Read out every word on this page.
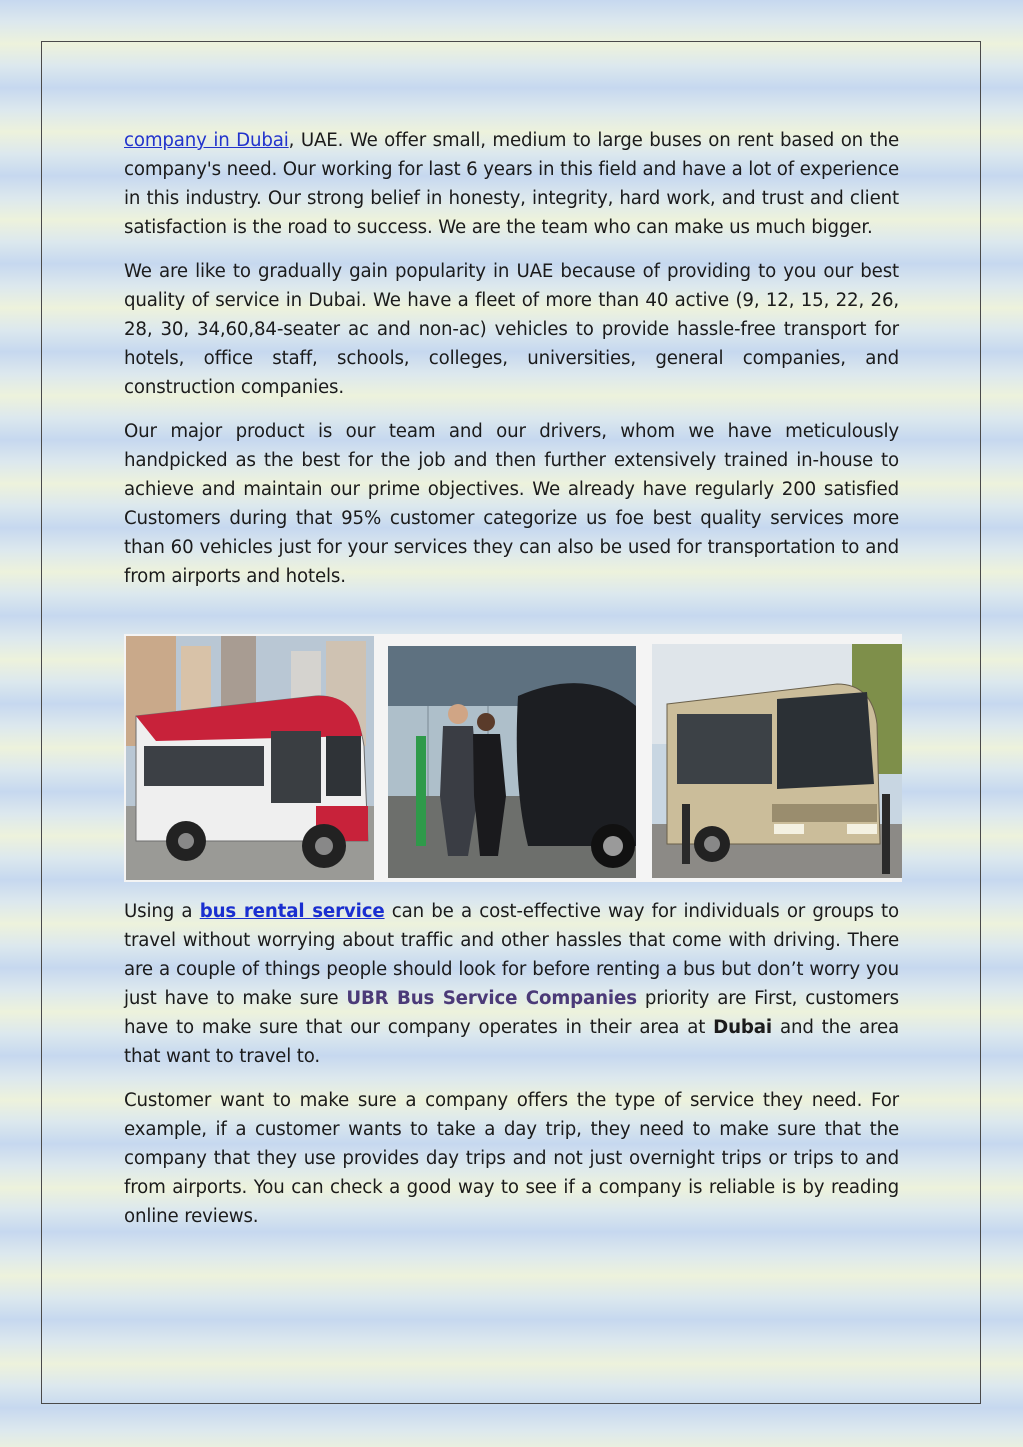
company in Dubai, UAE. We offer small, medium to large buses on rent based on the company's need. Our working for last 6 years in this field and have a lot of experience in this industry. Our strong belief in honesty, integrity, hard work, and trust and client satisfaction is the road to success. We are the team who can make us much bigger.

We are like to gradually gain popularity in UAE because of providing to you our best quality of service in Dubai. We have a fleet of more than 40 active (9, 12, 15, 22, 26, 28, 30, 34,60,84-seater ac and non-ac) vehicles to provide hassle-free transport for hotels, office staff, schools, colleges, universities, general companies, and construction companies.

Our major product is our team and our drivers, whom we have meticulously handpicked as the best for the job and then further extensively trained in-house to achieve and maintain our prime objectives. We already have regularly 200 satisfied Customers during that 95% customer categorize us foe best quality services more than 60 vehicles just for your services they can also be used for transportation to and from airports and hotels.

Using a bus rental service can be a cost-effective way for individuals or groups to travel without worrying about traffic and other hassles that come with driving. There are a couple of things people should look for before renting a bus but don’t worry you just have to make sure UBR Bus Service Companies priority are First, customers have to make sure that our company operates in their area at Dubai and the area that want to travel to.

Customer want to make sure a company offers the type of service they need. For example, if a customer wants to take a day trip, they need to make sure that the company that they use provides day trips and not just overnight trips or trips to and from airports. You can check a good way to see if a company is reliable is by reading online reviews.
